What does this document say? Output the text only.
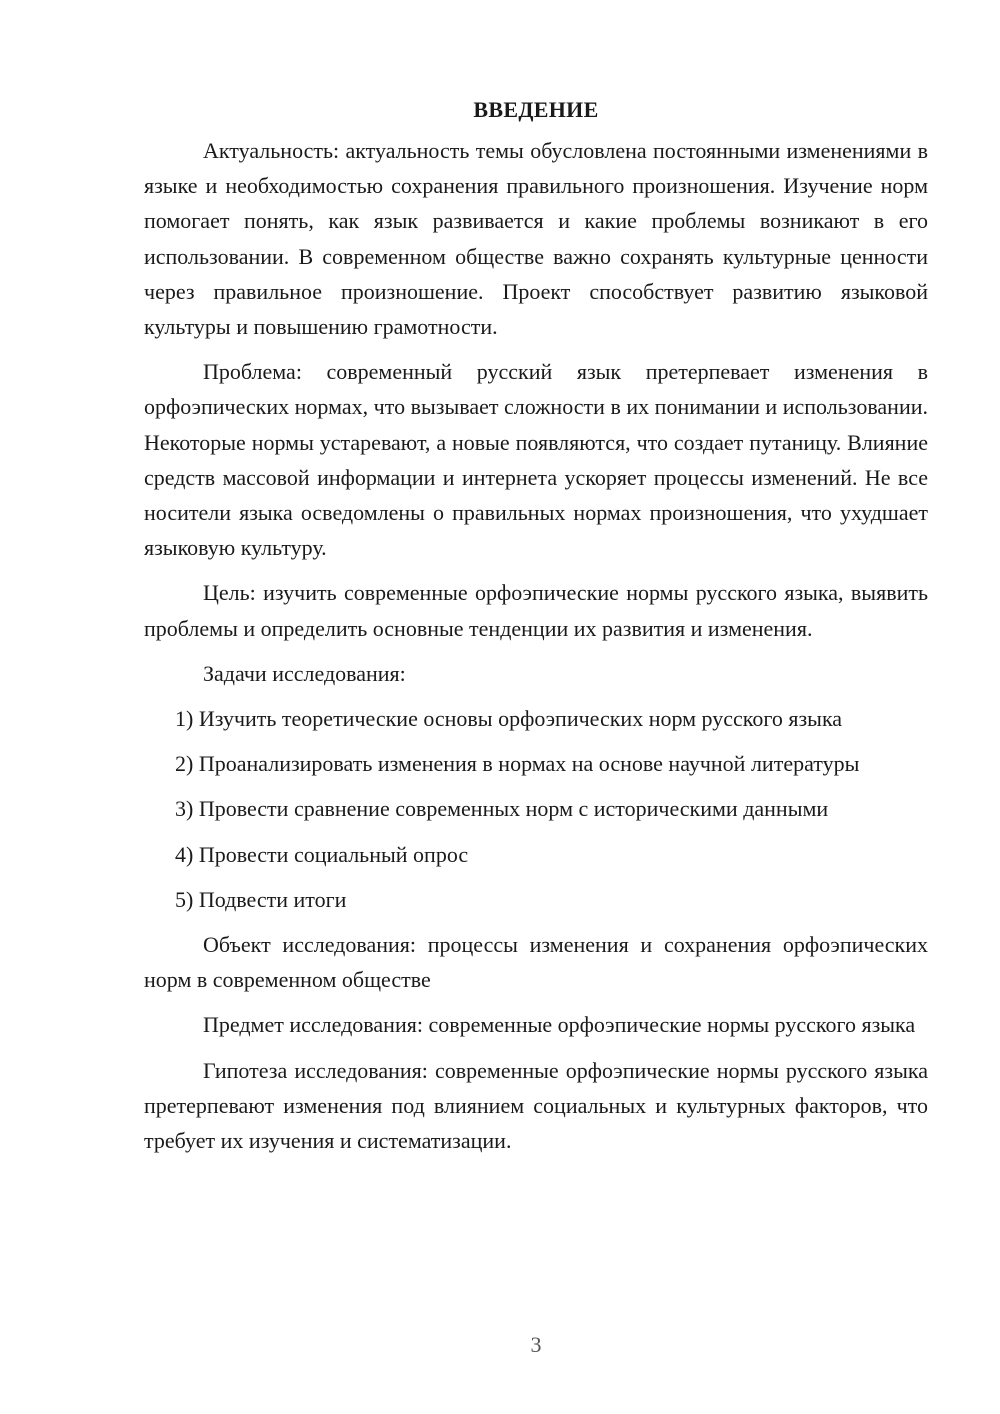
ВВЕДЕНИЕ

Актуальность: актуальность темы обусловлена постоянными изменениями в языке и необходимостью сохранения правильного произношения. Изучение норм помогает понять, как язык развивается и какие проблемы возникают в его использовании. В современном обществе важно сохранять культурные ценности через правильное произношение. Проект способствует развитию языковой культуры и повышению грамотности.

Проблема: современный русский язык претерпевает изменения в орфоэпических нормах, что вызывает сложности в их понимании и использовании. Некоторые нормы устаревают, а новые появляются, что создает путаницу. Влияние средств массовой информации и интернета ускоряет процессы изменений. Не все носители языка осведомлены о правильных нормах произношения, что ухудшает языковую культуру.

Цель: изучить современные орфоэпические нормы русского языка, выявить проблемы и определить основные тенденции их развития и изменения.

Задачи исследования:

1) Изучить теоретические основы орфоэпических норм русского языка

2) Проанализировать изменения в нормах на основе научной литературы

3) Провести сравнение современных норм с историческими данными

4) Провести социальный опрос

5) Подвести итоги

Объект исследования: процессы изменения и сохранения орфоэпических норм в современном обществе

Предмет исследования: современные орфоэпические нормы русского языка

Гипотеза исследования: современные орфоэпические нормы русского языка претерпевают изменения под влиянием социальных и культурных факторов, что требует их изучения и систематизации.

3
